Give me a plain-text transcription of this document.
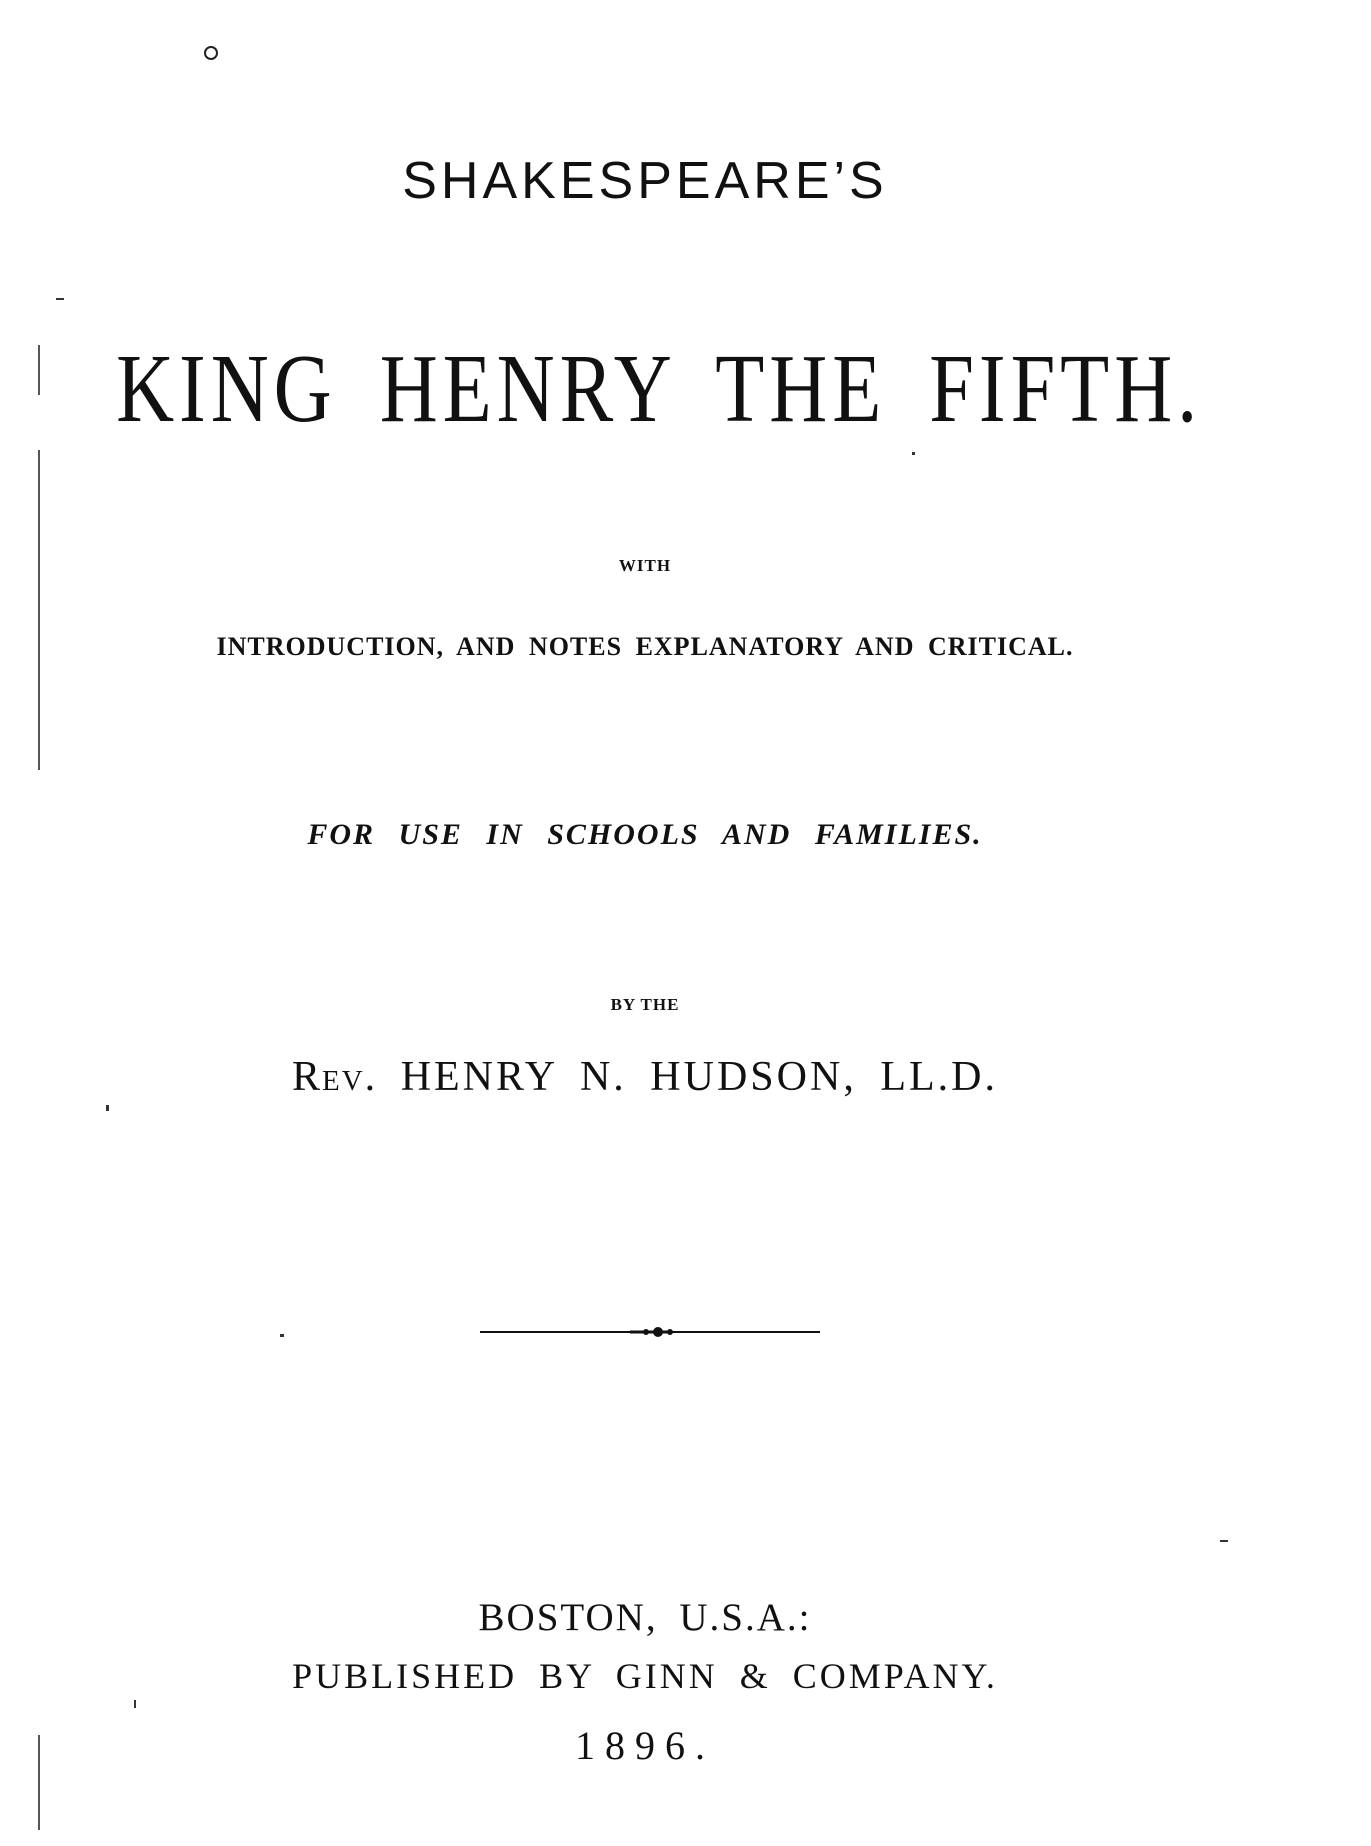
SHAKESPEARE’S
KING HENRY THE FIFTH.
WITH
INTRODUCTION, AND NOTES EXPLANATORY AND CRITICAL.
FOR USE IN SCHOOLS AND FAMILIES.
BY THE
Rev. HENRY N. HUDSON, LL.D.
BOSTON, U.S.A.:
PUBLISHED BY GINN & COMPANY.
1896.
